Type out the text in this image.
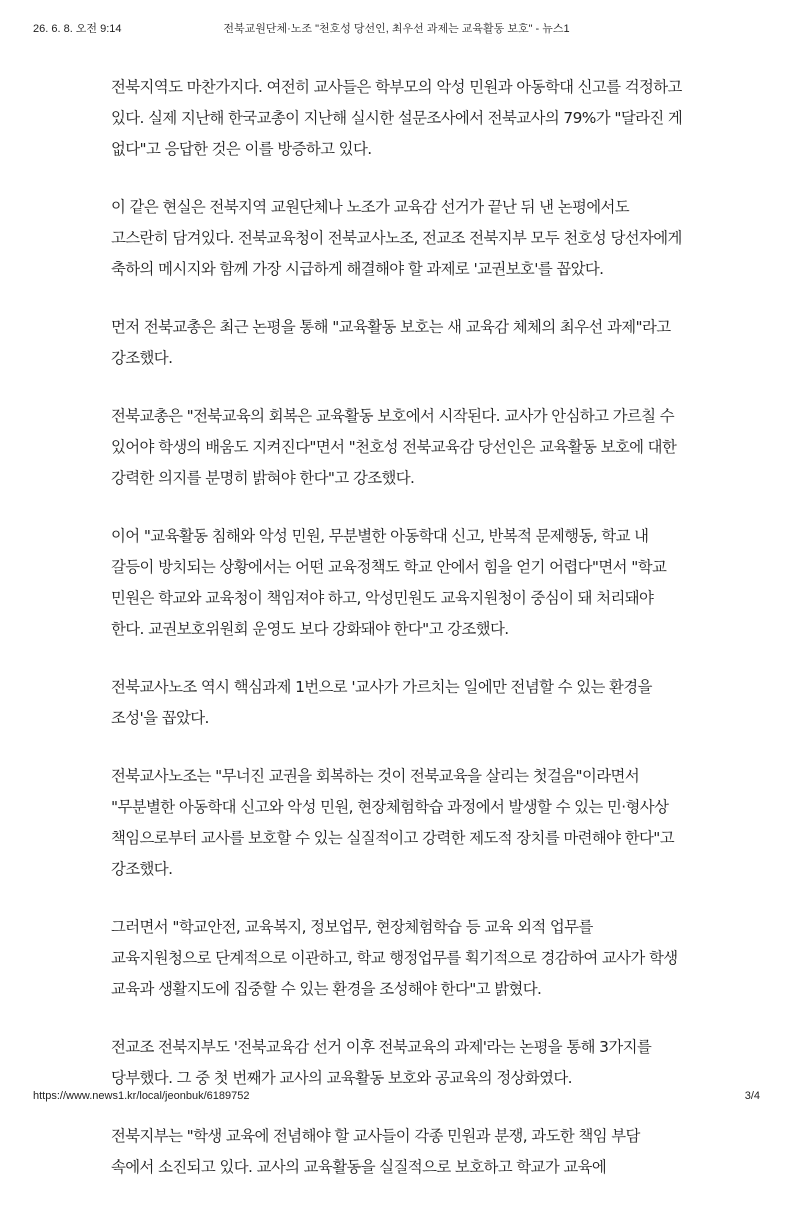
26. 6. 8. 오전 9:14	전북교원단체·노조 "천호성 당선인, 최우선 과제는 교육활동 보호" - 뉴스1

전북지역도 마찬가지다. 여전히 교사들은 학부모의 악성 민원과 아동학대 신고를 걱정하고 있다. 실제 지난해 한국교총이 지난해 실시한 설문조사에서 전북교사의 79%가 "달라진 게 없다"고 응답한 것은 이를 방증하고 있다.

이 같은 현실은 전북지역 교원단체나 노조가 교육감 선거가 끝난 뒤 낸 논평에서도 고스란히 담겨있다. 전북교육청이 전북교사노조, 전교조 전북지부 모두 천호성 당선자에게 축하의 메시지와 함께 가장 시급하게 해결해야 할 과제로 '교권보호'를 꼽았다.

먼저 전북교총은 최근 논평을 통해 "교육활동 보호는 새 교육감 체체의 최우선 과제"라고 강조했다.

전북교총은 "전북교육의 회복은 교육활동 보호에서 시작된다. 교사가 안심하고 가르칠 수 있어야 학생의 배움도 지켜진다"면서 "천호성 전북교육감 당선인은 교육활동 보호에 대한 강력한 의지를 분명히 밝혀야 한다"고 강조했다.

이어 "교육활동 침해와 악성 민원, 무분별한 아동학대 신고, 반복적 문제행동, 학교 내 갈등이 방치되는 상황에서는 어떤 교육정책도 학교 안에서 힘을 얻기 어렵다"면서 "학교 민원은 학교와 교육청이 책임져야 하고, 악성민원도 교육지원청이 중심이 돼 처리돼야 한다. 교권보호위원회 운영도 보다 강화돼야 한다"고 강조했다.

전북교사노조 역시 핵심과제 1번으로 '교사가 가르치는 일에만 전념할 수 있는 환경을 조성'을 꼽았다.

전북교사노조는 "무너진 교권을 회복하는 것이 전북교육을 살리는 첫걸음"이라면서 "무분별한 아동학대 신고와 악성 민원, 현장체험학습 과정에서 발생할 수 있는 민·형사상 책임으로부터 교사를 보호할 수 있는 실질적이고 강력한 제도적 장치를 마련해야 한다"고 강조했다.

그러면서 "학교안전, 교육복지, 정보업무, 현장체험학습 등 교육 외적 업무를 교육지원청으로 단계적으로 이관하고, 학교 행정업무를 획기적으로 경감하여 교사가 학생 교육과 생활지도에 집중할 수 있는 환경을 조성해야 한다"고 밝혔다.

전교조 전북지부도 '전북교육감 선거 이후 전북교육의 과제'라는 논평을 통해 3가지를 당부했다. 그 중 첫 번째가 교사의 교육활동 보호와 공교육의 정상화였다.

전북지부는 "학생 교육에 전념해야 할 교사들이 각종 민원과 분쟁, 과도한 책임 부담 속에서 소진되고 있다. 교사의 교육활동을 실질적으로 보호하고 학교가 교육에

https://www.news1.kr/local/jeonbuk/6189752	3/4
